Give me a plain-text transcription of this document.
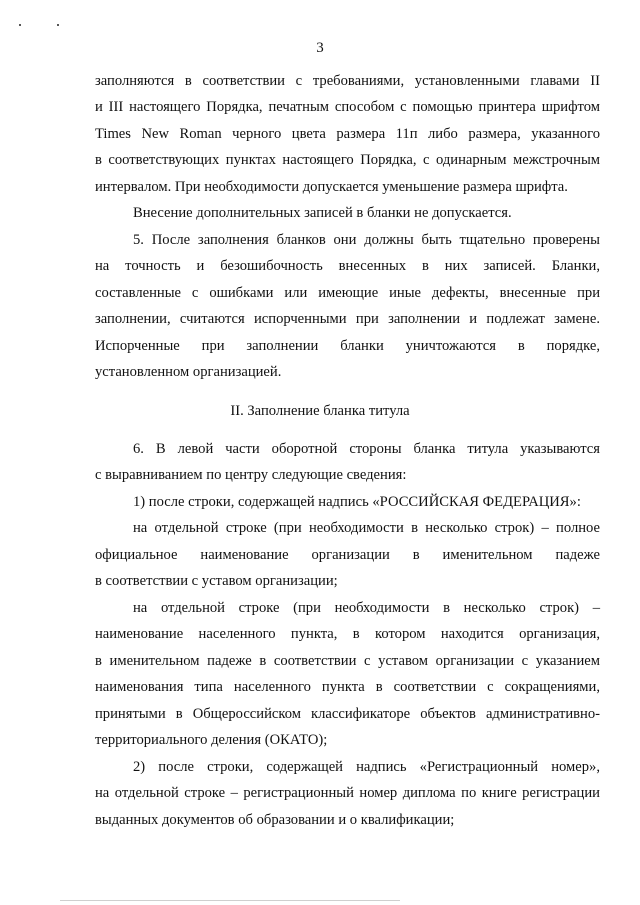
3
заполняются в соответствии с требованиями, установленными главами II
и III настоящего Порядка, печатным способом с помощью принтера шрифтом
Times New Roman черного цвета размера 11п либо размера, указанного
в соответствующих пунктах настоящего Порядка, с одинарным межстрочным
интервалом. При необходимости допускается уменьшение размера шрифта.
Внесение дополнительных записей в бланки не допускается.
5. После заполнения бланков они должны быть тщательно проверены
на точность и безошибочность внесенных в них записей. Бланки,
составленные с ошибками или имеющие иные дефекты, внесенные при
заполнении, считаются испорченными при заполнении и подлежат замене.
Испорченные при заполнении бланки уничтожаются в порядке,
установленном организацией.
II. Заполнение бланка титула
6. В левой части оборотной стороны бланка титула указываются
с выравниванием по центру следующие сведения:
1) после строки, содержащей надпись «РОССИЙСКАЯ ФЕДЕРАЦИЯ»:
на отдельной строке (при необходимости в несколько строк) – полное
официальное наименование организации в именительном падеже
в соответствии с уставом организации;
на отдельной строке (при необходимости в несколько строк) –
наименование населенного пункта, в котором находится организация,
в именительном падеже в соответствии с уставом организации с указанием
наименования типа населенного пункта в соответствии с сокращениями,
принятыми в Общероссийском классификаторе объектов административно-
территориального деления (ОКАТО);
2) после строки, содержащей надпись «Регистрационный номер»,
на отдельной строке – регистрационный номер диплома по книге регистрации
выданных документов об образовании и о квалификации;
